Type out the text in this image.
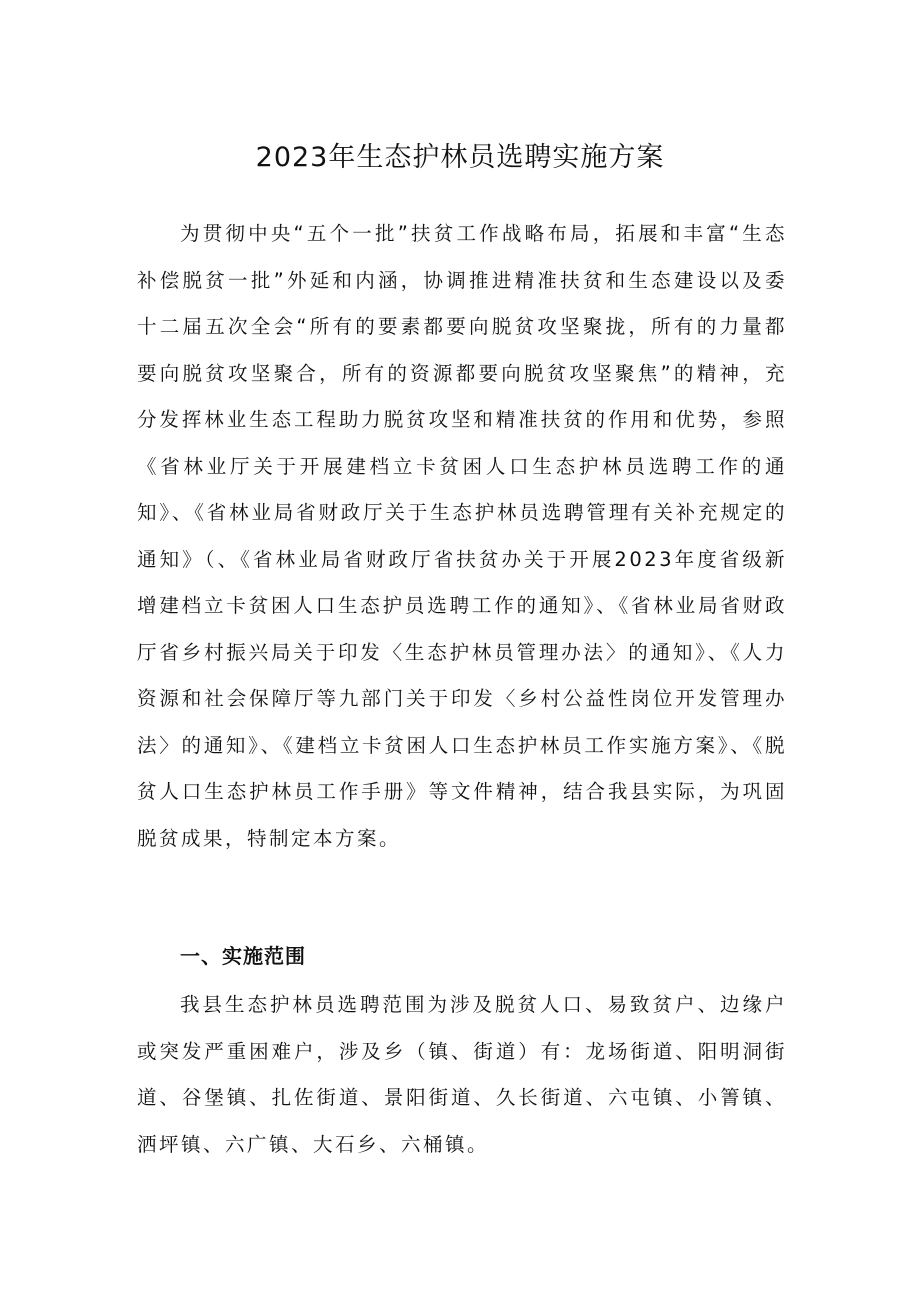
2023年生态护林员选聘实施方案

为贯彻中央“五个一批”扶贫工作战略布局，拓展和丰富“生态补偿脱贫一批”外延和内涵，协调推进精准扶贫和生态建设以及委十二届五次全会“所有的要素都要向脱贫攻坚聚拢，所有的力量都要向脱贫攻坚聚合，所有的资源都要向脱贫攻坚聚焦”的精神，充分发挥林业生态工程助力脱贫攻坚和精准扶贫的作用和优势，参照《省林业厅关于开展建档立卡贫困人口生态护林员选聘工作的通知》、《省林业局省财政厅关于生态护林员选聘管理有关补充规定的通知》（、《省林业局省财政厅省扶贫办关于开展2023年度省级新增建档立卡贫困人口生态护员选聘工作的通知》、《省林业局省财政厅省乡村振兴局关于印发〈生态护林员管理办法〉的通知》、《人力资源和社会保障厅等九部门关于印发〈乡村公益性岗位开发管理办法〉的通知》、《建档立卡贫困人口生态护林员工作实施方案》、《脱贫人口生态护林员工作手册》等文件精神，结合我县实际，为巩固脱贫成果，特制定本方案。

一、实施范围

我县生态护林员选聘范围为涉及脱贫人口、易致贫户、边缘户或突发严重困难户，涉及乡（镇、街道）有：龙场街道、阳明洞街道、谷堡镇、扎佐街道、景阳街道、久长街道、六屯镇、小箐镇、洒坪镇、六广镇、大石乡、六桶镇。
